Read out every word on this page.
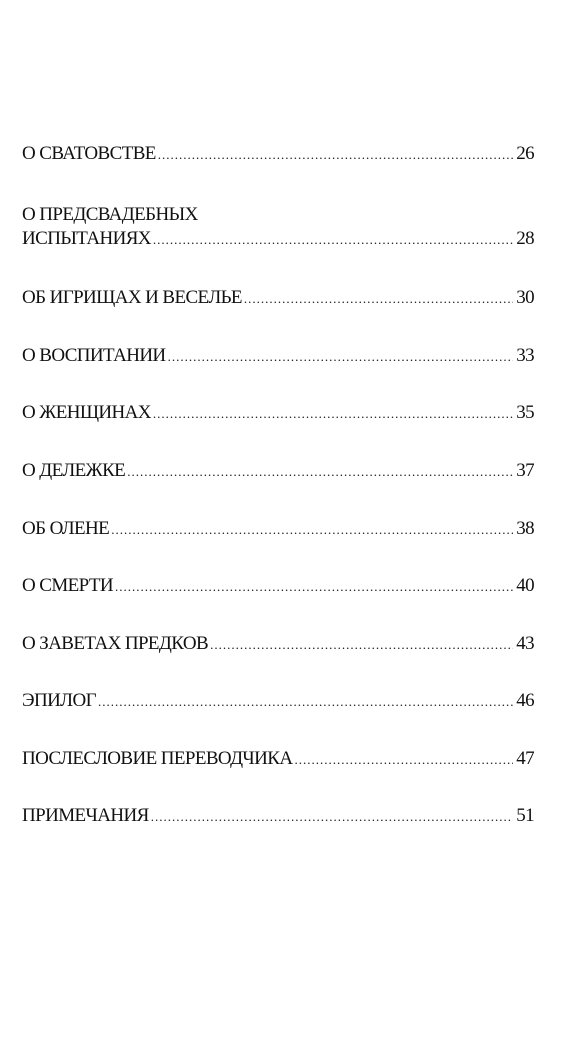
О СВАТОВСТВЕ .....	26
О ПРЕДСВАДЕБНЫХ
ИСПЫТАНИЯХ .....	28
ОБ ИГРИЩАХ И ВЕСЕЛЬЕ .....	30
О ВОСПИТАНИИ .....	33
О ЖЕНЩИНАХ .....	35
О ДЕЛЕЖКЕ .....	37
ОБ ОЛЕНЕ .....	38
О СМЕРТИ .....	40
О ЗАВЕТАХ ПРЕДКОВ .....	43
ЭПИЛОГ .....	46
ПОСЛЕСЛОВИЕ ПЕРЕВОДЧИКА .....	47
ПРИМЕЧАНИЯ .....	51
